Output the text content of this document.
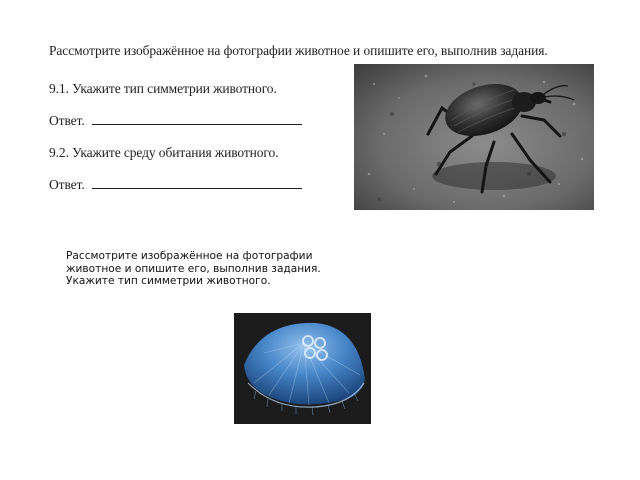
Рассмотрите изображённое на фотографии животное и опишите его, выполнив задания.
9.1. Укажите тип симметрии животного.
Ответ.
9.2. Укажите среду обитания животного.
Ответ.
Рассмотрите изображённое на фотографии
животное и опишите его, выполнив задания.
Укажите тип симметрии животного.
